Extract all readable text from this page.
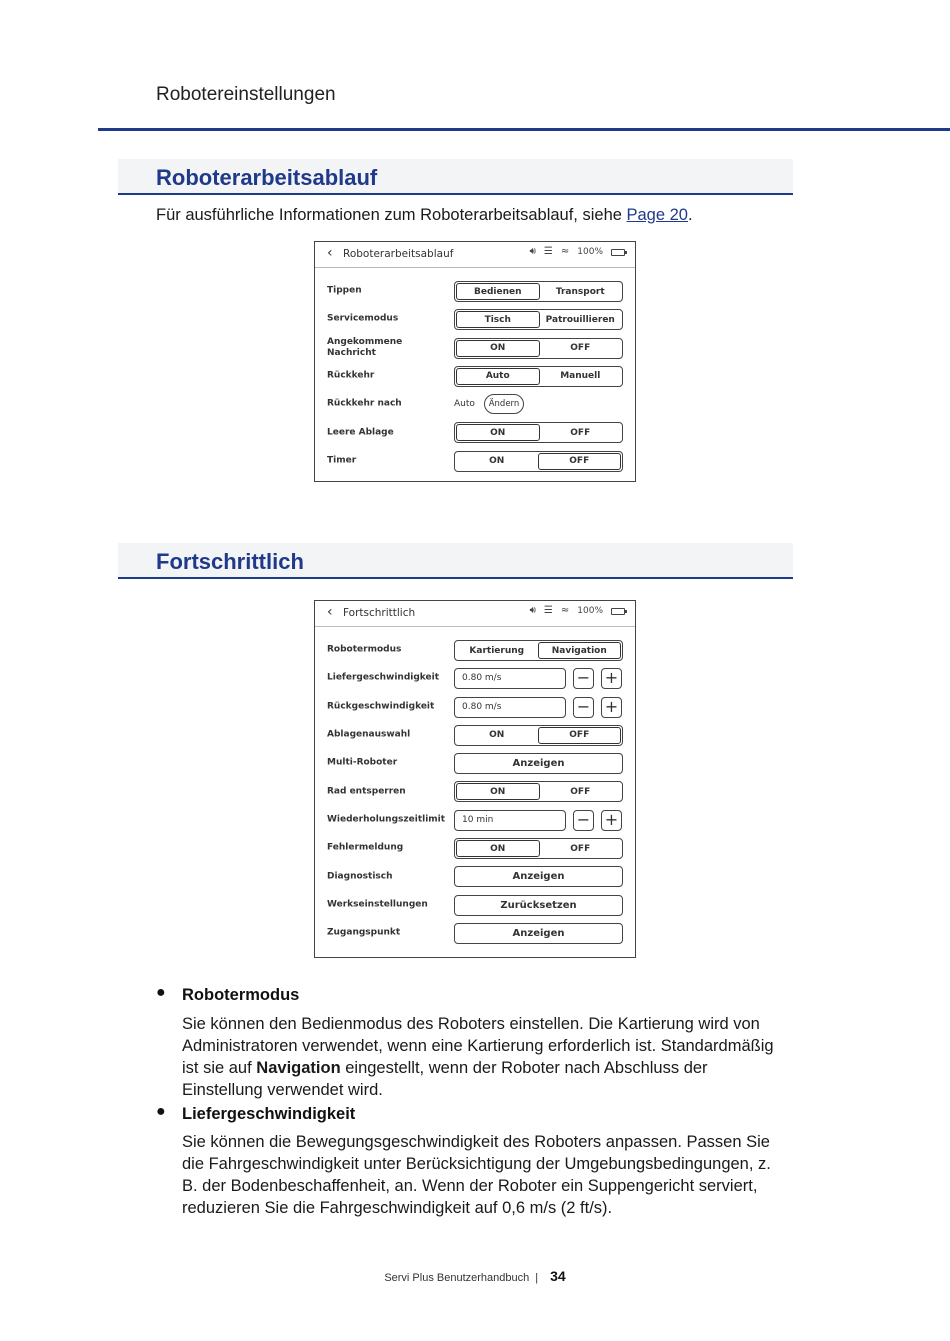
Robotereinstellungen
Roboterarbeitsablauf

Für ausführliche Informationen zum Roboterarbeitsablauf, siehe Page 20.

‹ Roboterarbeitsablauf	🔊︎ ☰ ≈ 100%
Tippen	Bedienen	Transport
Servicemodus	Tisch	Patrouillieren
Angekommene Nachricht	ON	OFF
Rückkehr	Auto	Manuell
Rückkehr nach	Auto	Ändern
Leere Ablage	ON	OFF
Timer	ON	OFF
Fortschrittlich
‹ Fortschrittlich	🔊︎ ☰ ≈ 100%
Robotermodus	Kartierung	Navigation
Liefergeschwindigkeit	0.80 m/s	− +
Rückgeschwindigkeit	0.80 m/s	− +
Ablagenauswahl	ON	OFF
Multi-Roboter	Anzeigen
Rad entsperren	ON	OFF
Wiederholungszeitlimit	10 min	− +
Fehlermeldung	ON	OFF
Diagnostisch	Anzeigen
Werkseinstellungen	Zurücksetzen
Zugangspunkt	Anzeigen
● Robotermodus

Sie können den Bedienmodus des Roboters einstellen. Die Kartierung wird von Administratoren verwendet, wenn eine Kartierung erforderlich ist. Standardmäßig ist sie auf Navigation eingestellt, wenn der Roboter nach Abschluss der Einstellung verwendet wird.

● Liefergeschwindigkeit

Sie können die Bewegungsgeschwindigkeit des Roboters anpassen. Passen Sie die Fahrgeschwindigkeit unter Berücksichtigung der Umgebungsbedingungen, z. B. der Bodenbeschaffenheit, an. Wenn der Roboter ein Suppengericht serviert, reduzieren Sie die Fahrgeschwindigkeit auf 0,6 m/s (2 ft/s).

Servi Plus Benutzerhandbuch | 34
